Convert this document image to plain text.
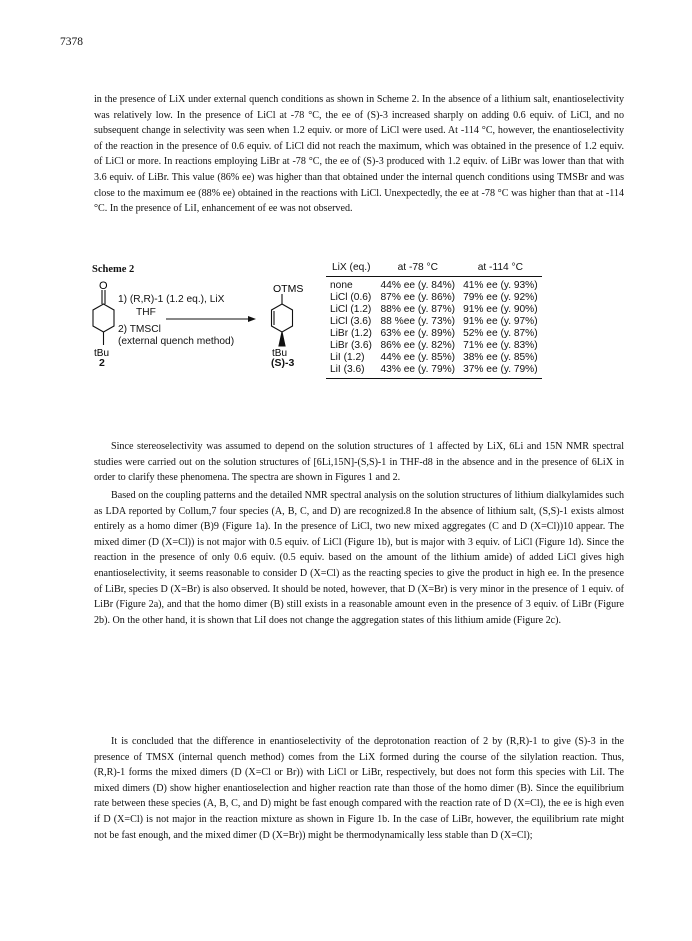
7378

in the presence of LiX under external quench conditions as shown in Scheme 2. In the absence of a lithium salt, enantioselectivity was relatively low. In the presence of LiCl at -78 °C, the ee of (S)-3 increased sharply on adding 0.6 equiv. of LiCl, and no subsequent change in selectivity was seen when 1.2 equiv. or more of LiCl were used. At -114 °C, however, the enantioselectivity of the reaction in the presence of 0.6 equiv. of LiCl did not reach the maximum, which was obtained in the presence of 1.2 equiv. of LiCl or more. In reactions employing LiBr at -78 °C, the ee of (S)-3 produced with 1.2 equiv. of LiBr was lower than that with 3.6 equiv. of LiBr. This value (86% ee) was higher than that obtained under the internal quench conditions using TMSBr and was close to the maximum ee (88% ee) obtained in the reactions with LiCl. Unexpectedly, the ee at -78 °C was higher than that at -114 °C. In the presence of LiI, enhancement of ee was not observed.

Scheme 2
O
tBu
OTMS
tBu
1) (R,R)-1 (1.2 eq.), LiX
THF
2) TMSCl
(external quench method)
2	(S)-3
LiX (eq.)	at -78 °C	at -114 °C
none	44% ee (y. 84%)	41% ee (y. 93%)
LiCl (0.6)	87% ee (y. 86%)	79% ee (y. 92%)
LiCl (1.2)	88% ee (y. 87%)	91% ee (y. 90%)
LiCl (3.6)	88 %ee (y. 73%)	91% ee (y. 97%)
LiBr (1.2)	63% ee (y. 89%)	52% ee (y. 87%)
LiBr (3.6)	86% ee (y. 82%)	71% ee (y. 83%)
LiI (1.2)	44% ee (y. 85%)	38% ee (y. 85%)
LiI (3.6)	43% ee (y. 79%)	37% ee (y. 79%)

Since stereoselectivity was assumed to depend on the solution structures of 1 affected by LiX, 6Li and 15N NMR spectral studies were carried out on the solution structures of [6Li,15N]-(S,S)-1 in THF-d8 in the absence and in the presence of 6LiX in order to clarify these phenomena. The spectra are shown in Figures 1 and 2.

Based on the coupling patterns and the detailed NMR spectral analysis on the solution structures of lithium dialkylamides such as LDA reported by Collum,7 four species (A, B, C, and D) are recognized.8 In the absence of lithium salt, (S,S)-1 exists almost entirely as a homo dimer (B)9 (Figure 1a). In the presence of LiCl, two new mixed aggregates (C and D (X=Cl))10 appear. The mixed dimer (D (X=Cl)) is not major with 0.5 equiv. of LiCl (Figure 1b), but is major with 3 equiv. of LiCl (Figure 1d). Since the reaction in the presence of only 0.6 equiv. (0.5 equiv. based on the amount of the lithium amide) of added LiCl gives high enantioselectivity, it seems reasonable to consider D (X=Cl) as the reacting species to give the product in high ee. In the presence of LiBr, species D (X=Br) is also observed. It should be noted, however, that D (X=Br) is very minor in the presence of 1 equiv. of LiBr (Figure 2a), and that the homo dimer (B) still exists in a reasonable amount even in the presence of 3 equiv. of LiBr (Figure 2b). On the other hand, it is shown that LiI does not change the aggregation states of this lithium amide (Figure 2c).

It is concluded that the difference in enantioselectivity of the deprotonation reaction of 2 by (R,R)-1 to give (S)-3 in the presence of TMSX (internal quench method) comes from the LiX formed during the course of the silylation reaction. Thus, (R,R)-1 forms the mixed dimers (D (X=Cl or Br)) with LiCl or LiBr, respectively, but does not form this species with LiI. The mixed dimers (D) show higher enantioselection and higher reaction rate than those of the homo dimer (B). Since the equilibrium rate between these species (A, B, C, and D) might be fast enough compared with the reaction rate of D (X=Cl), the ee is high even if D (X=Cl) is not major in the reaction mixture as shown in Figure 1b. In the case of LiBr, however, the equilibrium rate might not be fast enough, and the mixed dimer (D (X=Br)) might be thermodynamically less stable than D (X=Cl);
